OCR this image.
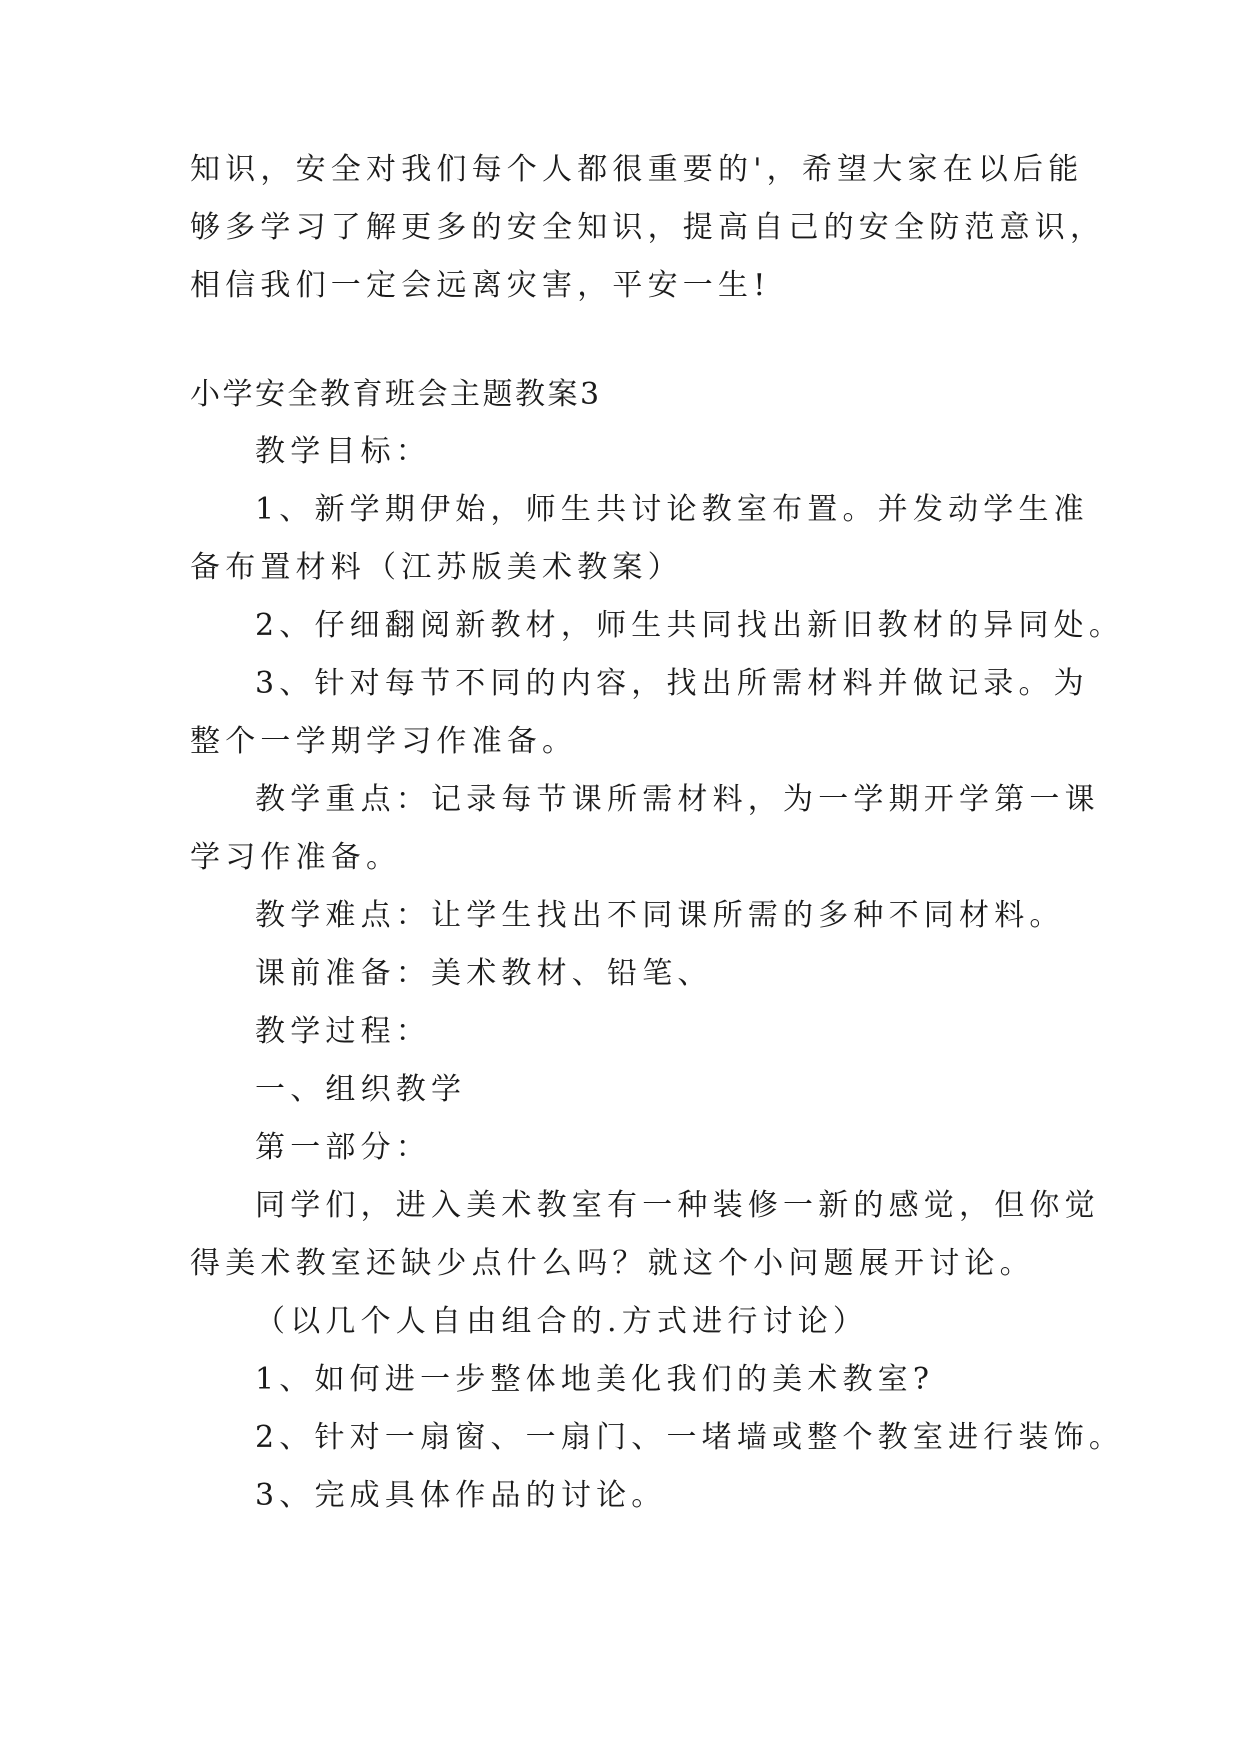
知识，安全对我们每个人都很重要的'，希望大家在以后能
够多学习了解更多的安全知识，提高自己的安全防范意识，
相信我们一定会远离灾害，平安一生!
小学安全教育班会主题教案3
教学目标：
1、新学期伊始，师生共讨论教室布置。并发动学生准
备布置材料（江苏版美术教案）
2、仔细翻阅新教材，师生共同找出新旧教材的异同处。
3、针对每节不同的内容，找出所需材料并做记录。为
整个一学期学习作准备。
教学重点：记录每节课所需材料，为一学期开学第一课
学习作准备。
教学难点：让学生找出不同课所需的多种不同材料。
课前准备：美术教材、铅笔、
教学过程：
一、组织教学
第一部分：
同学们，进入美术教室有一种装修一新的感觉，但你觉
得美术教室还缺少点什么吗？就这个小问题展开讨论。
（以几个人自由组合的.方式进行讨论）
1、如何进一步整体地美化我们的美术教室?
2、针对一扇窗、一扇门、一堵墙或整个教室进行装饰。
3、完成具体作品的讨论。
